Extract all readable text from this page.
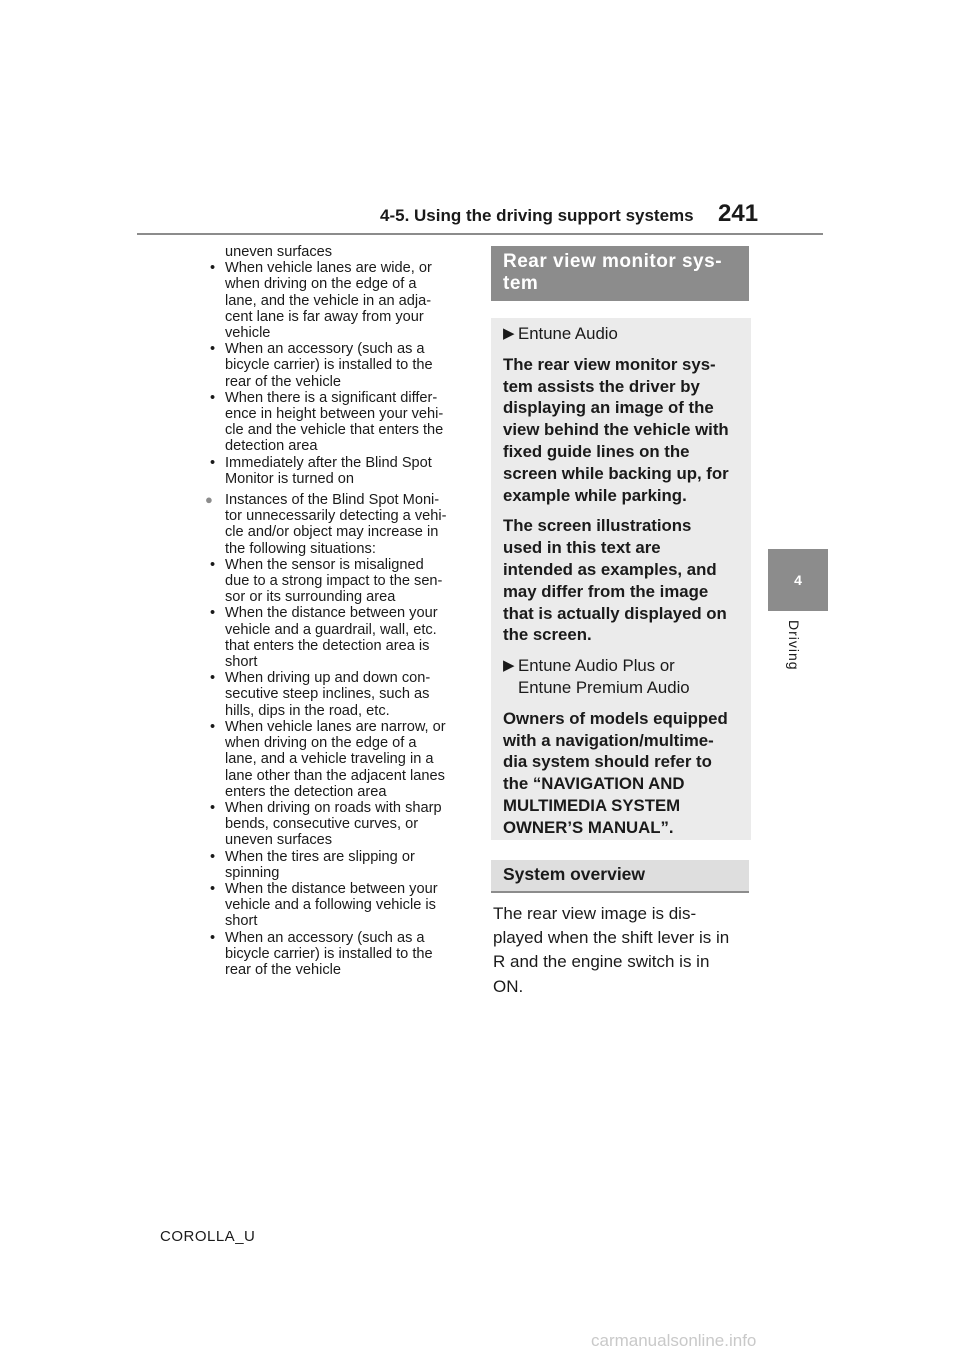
4-5. Using the driving support systems 241
4
Driving
uneven surfaces
• When vehicle lanes are wide, or
when driving on the edge of a
lane, and the vehicle in an adja-
cent lane is far away from your
vehicle
• When an accessory (such as a
bicycle carrier) is installed to the
rear of the vehicle
• When there is a significant differ-
ence in height between your vehi-
cle and the vehicle that enters the
detection area
• Immediately after the Blind Spot
Monitor is turned on
● Instances of the Blind Spot Moni-
tor unnecessarily detecting a vehi-
cle and/or object may increase in
the following situations:
• When the sensor is misaligned
due to a strong impact to the sen-
sor or its surrounding area
• When the distance between your
vehicle and a guardrail, wall, etc.
that enters the detection area is
short
• When driving up and down con-
secutive steep inclines, such as
hills, dips in the road, etc.
• When vehicle lanes are narrow, or
when driving on the edge of a
lane, and a vehicle traveling in a
lane other than the adjacent lanes
enters the detection area
• When driving on roads with sharp
bends, consecutive curves, or
uneven surfaces
• When the tires are slipping or
spinning
• When the distance between your
vehicle and a following vehicle is
short
• When an accessory (such as a
bicycle carrier) is installed to the
rear of the vehicle
Rear view monitor sys-
tem
▶ Entune Audio
The rear view monitor sys-
tem assists the driver by
displaying an image of the
view behind the vehicle with
fixed guide lines on the
screen while backing up, for
example while parking.
The screen illustrations
used in this text are
intended as examples, and
may differ from the image
that is actually displayed on
the screen.
▶ Entune Audio Plus or
Entune Premium Audio
Owners of models equipped
with a navigation/multime-
dia system should refer to
the “NAVIGATION AND
MULTIMEDIA SYSTEM
OWNER’S MANUAL”.
System overview
The rear view image is dis-
played when the shift lever is in
R and the engine switch is in
ON.
COROLLA_U
carmanualsonline.info
